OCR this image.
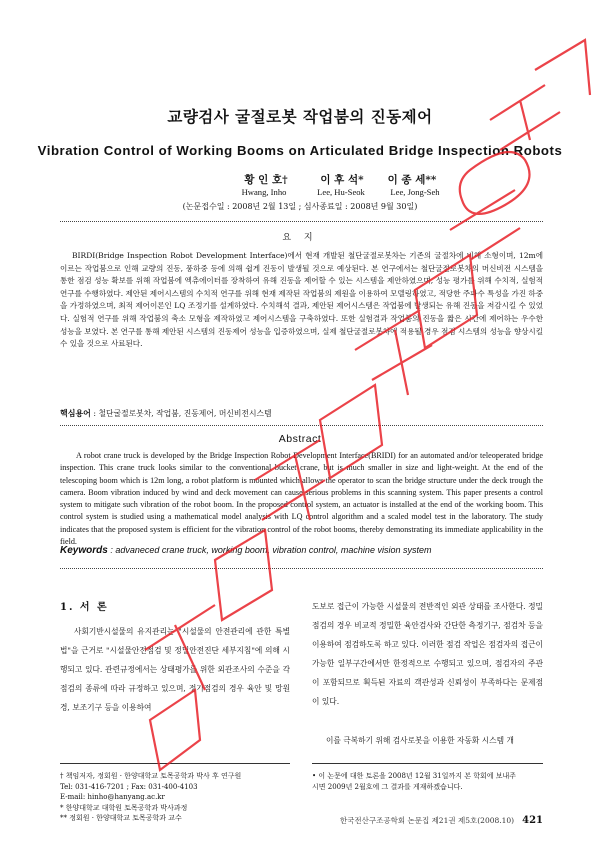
교량검사 굴절로봇 작업붐의 진동제어
Vibration Control of Working Booms on Articulated Bridge Inspection Robots
황 인 호†	이 후 석*	이 종 세**
Hwang, Inho	Lee, Hu-Seok	Lee, Jong-Seh
(논문접수일 : 2008년 2월 13일 ; 심사종료일 : 2008년 9월 30일)
요 지

BIRDI(Bridge Inspection Robot Development Interface)에서 현재 개발된 철단굴절로봇차는 기존의 굴절차에 비해 소형이며, 12m에 이르는 작업붐으로 인해 교량의 진동, 풍하중 등에 의해 쉽게 진동이 발생될 것으로 예상된다. 본 연구에서는 철단굴절로봇차의 머신비전 시스템을 통한 점검 성능 확보를 위해 작업붐에 엑츄에이터를 장착하여 유해 진동을 제어할 수 있는 시스템을 제안하였으며, 성능 평가를 위해 수치적, 실험적 연구를 수행하였다. 제안된 제어시스템의 수치적 연구를 위해 현재 제작된 작업붐의 제원을 이용하여 모델링하였고, 적당한 주파수 특성을 가진 하중을 가정하였으며, 최적 제어이론인 LQ 조정기를 설계하였다. 수치해석 결과, 제안된 제어시스템은 작업붐에 발생되는 유해 진동을 저감시킬 수 있었다. 실험적 연구를 위해 작업붐의 축소 모형을 제작하였고 제어시스템을 구축하였다. 또한 실험결과 작업붐의 진동을 짧은 시간에 제어하는 우수한 성능을 보였다. 본 연구를 통해 제안된 시스템의 진동제어 성능을 입증하였으며, 실제 철단굴절로봇차에 적용될 경우 점검 시스템의 성능을 향상시킬 수 있을 것으로 사료된다.

핵심용어 : 철단굴절로봇차, 작업붐, 진동제어, 머신비전시스템
Abstract

A robot crane truck is developed by the Bridge Inspection Robot Development Interface(BRIDI) for an automated and/or teleoperated bridge inspection. This crane truck looks similar to the conventional bucket crane, but is much smaller in size and light-weight. At the end of the telescoping boom which is 12m long, a robot platform is mounted which allows the operator to scan the bridge structure under the deck trough the camera. Boom vibration induced by wind and deck movement can cause serious problems in this scanning system. This paper presents a control system to mitigate such vibration of the robot boom. In the proposed control system, an actuator is installed at the end of the working boom. This control system is studied using a mathematical model analysis with LQ control algorithm and a scaled model test in the laboratory. The study indicates that the proposed system is efficient for the vibration control of the robot booms, thereby demonstrating its immediate applicability in the field.

Keywords : advaneced crane truck, working boom, vibration control, machine vision system
1. 서 론

사회기반시설물의 유지관리는 "시설물의 안전관리에 관한 특별법"을 근거로 "시설물안전점검 및 정밀안전진단 세부지침"에 의해 시행되고 있다. 관련규정에서는 상태평가를 위한 외관조사의 수준을 각 점검의 종류에 따라 규정하고 있으며, 정기점검의 경우 육안 및 망원경, 보조기구 등을 이용하여

도보로 접근이 가능한 시설물의 전반적인 외관 상태를 조사한다. 정밀점검의 경우 비교적 정밀한 육안검사와 간단한 측정기구, 점검차 등을 이용하여 점검하도록 하고 있다. 이러한 점검 작업은 점검자의 접근이 가능한 일부구간에서만 한정적으로 수행되고 있으며, 점검자의 주관이 포함되므로 획득된 자료의 객관성과 신뢰성이 부족하다는 문제점이 있다.

이를 극복하기 위해 검사로봇을 이용한 자동화 시스템 개

† 책임저자, 정회원 · 한양대학교 토목공학과 박사 후 연구원

Tel: 031-416-7201 ; Fax: 031-400-4103

E-mail: hinho@hanyang.ac.kr

* 한양대학교 대학원 토목공학과 박사과정

** 정회원 · 한양대학교 토목공학과 교수

• 이 논문에 대한 토론을 2008년 12월 31일까지 본 학회에 보내주

시면 2009년 2월호에 그 결과를 게재하겠습니다.

한국전산구조공학회 논문집 제21권 제5호(2008.10) 421
